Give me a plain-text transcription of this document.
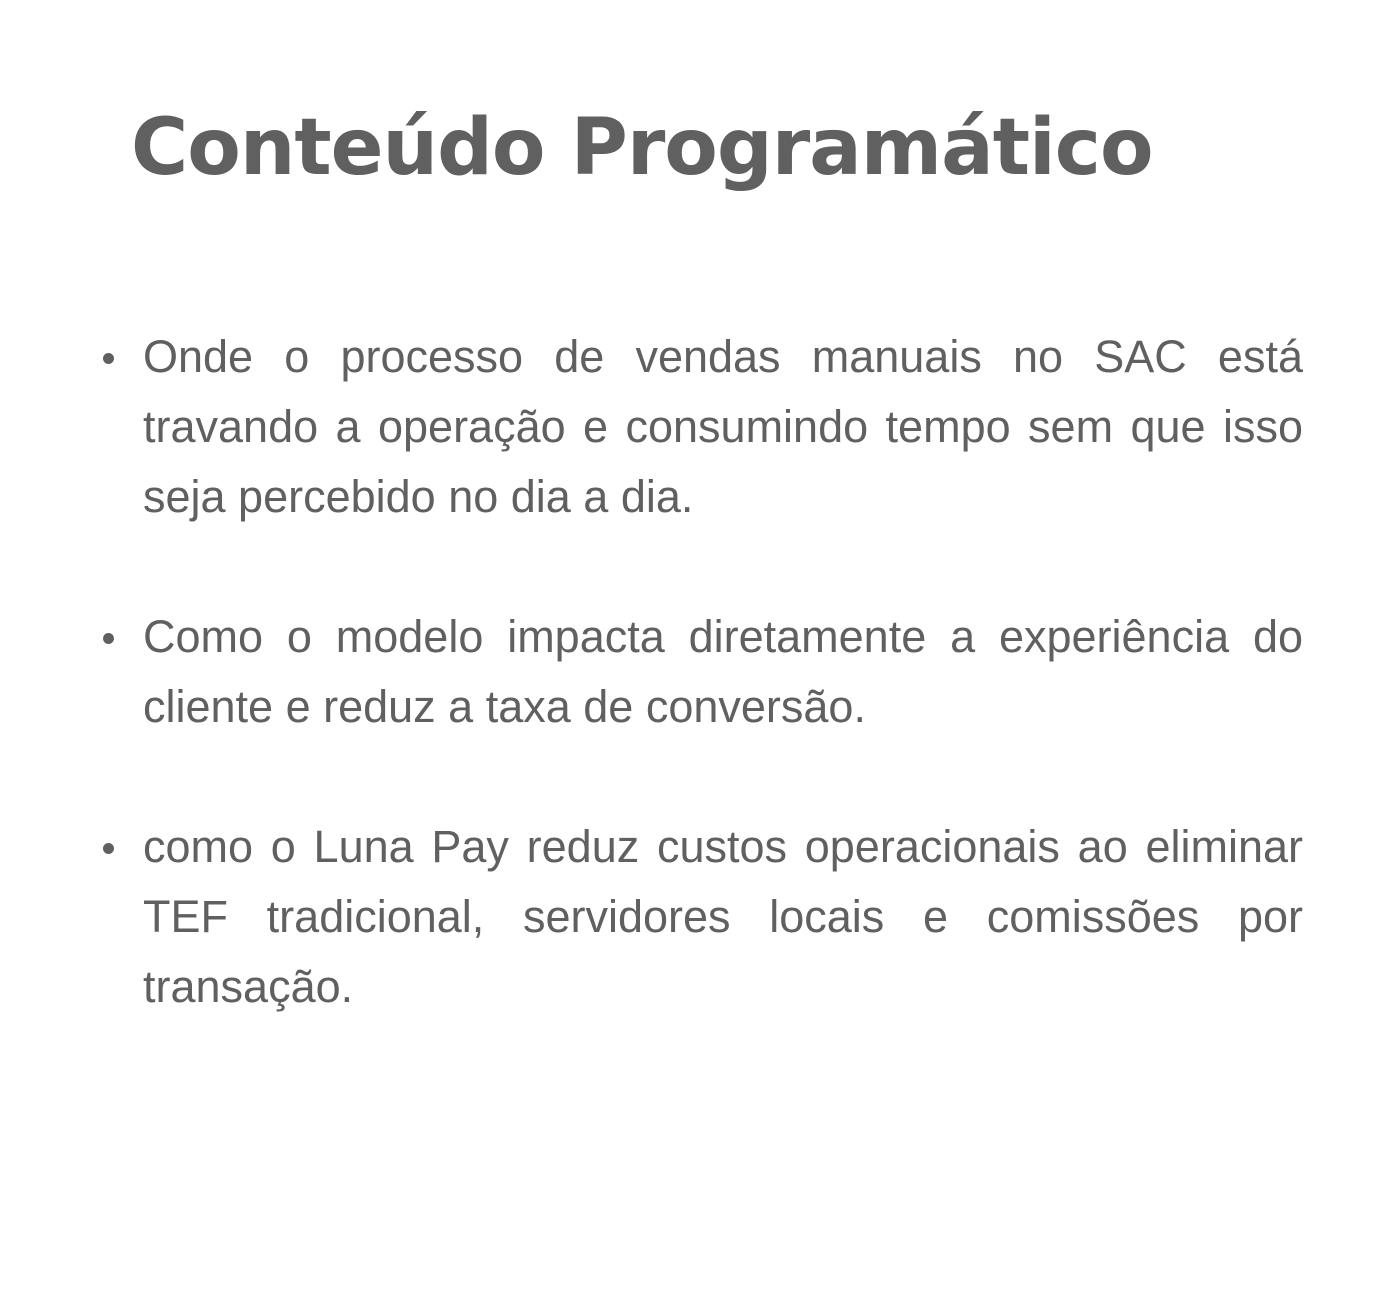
Conteúdo Programático
Onde o processo de vendas manuais no SAC está travando a operação e consumindo tempo sem que isso seja percebido no dia a dia.
Como o modelo impacta diretamente a experiência do cliente e reduz a taxa de conversão.
como o Luna Pay reduz custos operacionais ao eliminar TEF tradicional, servidores locais e comissões por transação.
